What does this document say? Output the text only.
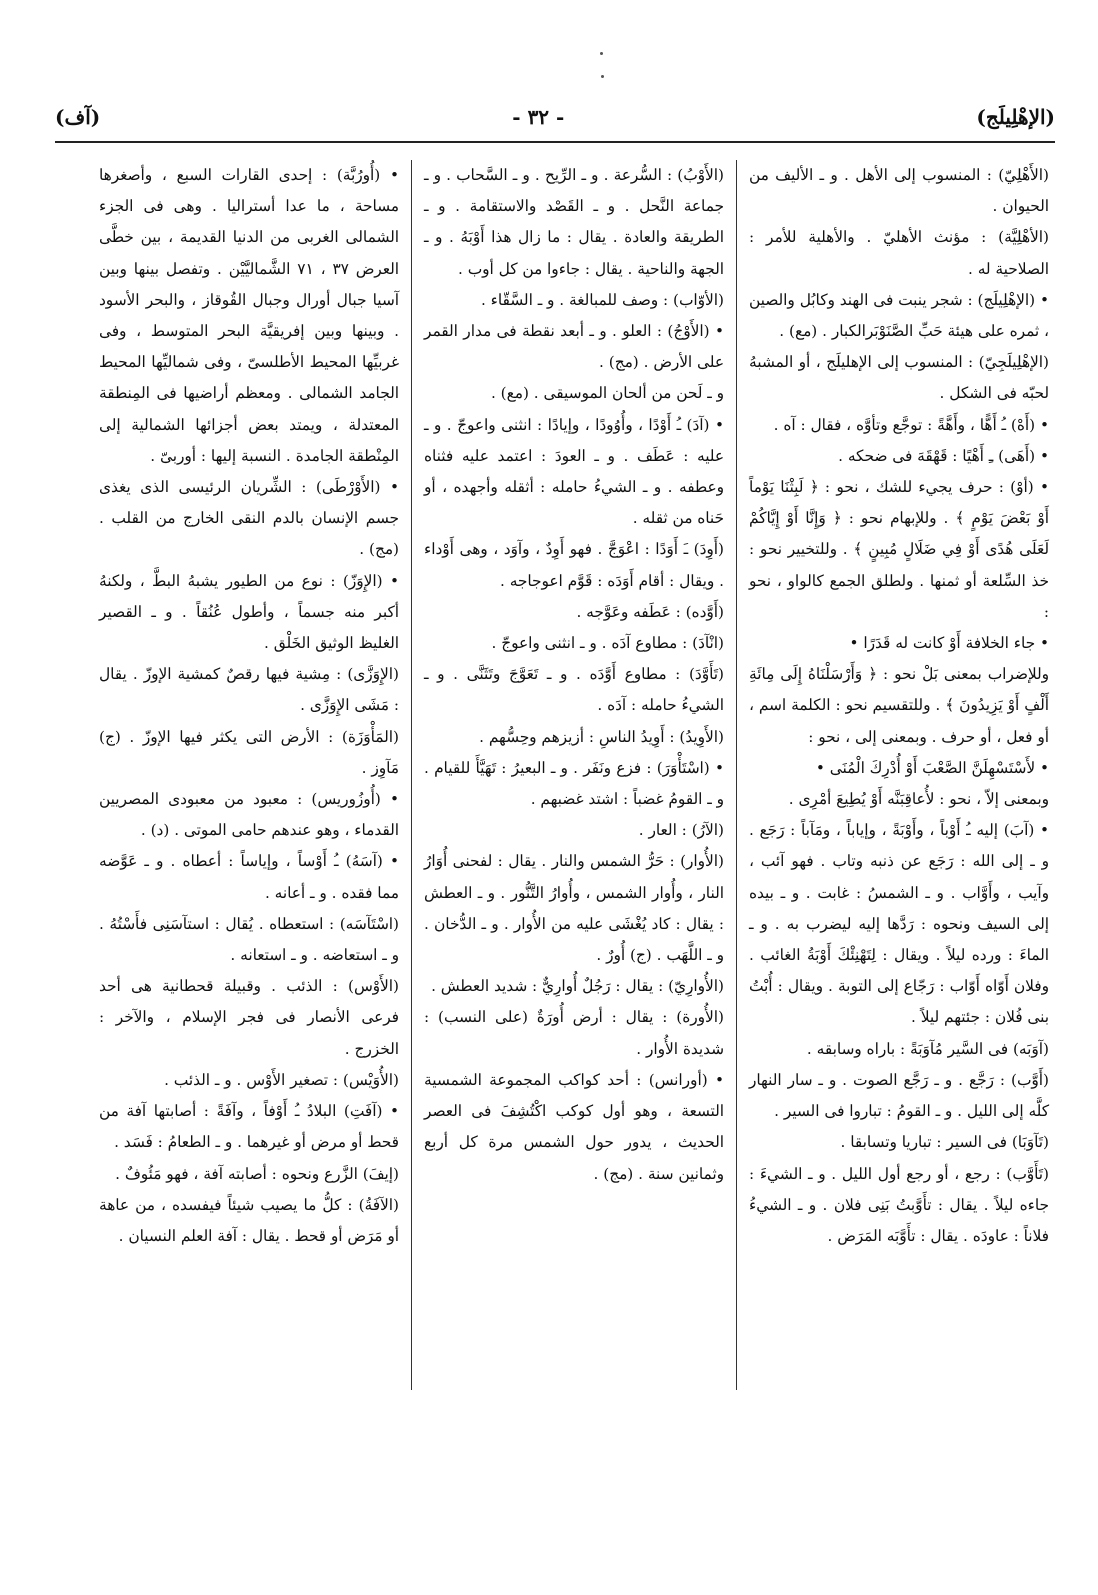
(الإهْلِيلَج)
- ٣٢ -
(آف)

(الأَهْلِيّ) : المنسوب إلى الأهل . و ـ الأليف من الحيوان .

(الأهْلِيَّة) : مؤنث الأهليّ . والأهلية للأمر : الصلاحية له .

• (الإهْلِيلَج) : شجر ينبت فى الهند وكابُل والصين ، ثمره على هيئة حَبِّ الصَّنَوْبَرالكبار . (مع) .

(الإهْلِيلَجِيّ) : المنسوب إلى الإهليلَج ، أو المشبهُ لحبّه فى الشكل .

• (أَهْ) ـُ أَهًّا ، وأَهَّةً : توجَّع وتأوَّه ، فقال : آه .

• (أَهَى) ـِ أَهْيًا : قَهْقَهَ فى ضحكه .

• (أوْ) : حرف يجيء للشك ، نحو : ﴿ لَبِثْنَا يَوْماً أَوْ بَعْضَ يَوْمٍ ﴾ . وللإبهام نحو : ﴿ وَإِنَّا أَوْ إِيَّاكُمْ لَعَلَى هُدًى أَوْ فِي ضَلَالٍ مُبِينٍ ﴾ . وللتخيير نحو : خذ السِّلعة أو ثمنها . ولطلق الجمع كالواو ، نحو :

• جاء الخلافة أَوْ كانت له قَدَرًا •

وللإضراب بمعنى بَلْ نحو : ﴿ وَأَرْسَلْنَاهُ إِلَى مِائَةِ أَلْفٍ أَوْ يَزِيدُونَ ﴾ . وللتقسيم نحو : الكلمة اسم ، أو فعل ، أو حرف . وبمعنى إلى ، نحو :

• لأَسْتَسْهِلَنَّ الصَّعْبَ أَوْ أُدْرِكَ الْمُنَى •

وبمعنى إلاّ ، نحو : لأُعاقِبَنَّه أَوْ يُطِيعَ أمْرِى .

• (آبَ) إليه ـُ أَوْباً ، وأَوْبَةً ، وإياباً ، ومَآباً : رَجَع . و ـ إلى الله : رَجَع عن ذنبه وتاب . فهو آئب ، وآيب ، وأَوَّاب . و ـ الشمسُ : غابت . و ـ بيده إلى السيف ونحوه : رَدَّها إليه ليضرب به . و ـ الماءَ : ورده ليلاً . ويقال : لِتَهْنِئْكَ أَوْبَةُ الغائب . وفلان أَوّاه أَوّاب : رَجّاع إلى التوبة . ويقال : أُبْتُ بنى فُلان : جئتهم ليلاً .

(آوَبَه) فى السَّير مُآوَبَةً : باراه وسابقه .

(أَوَّب) : رَجَّع . و ـ رَجَّع الصوت . و ـ سار النهار كلَّه إلى الليل . و ـ القومُ : تباروا فى السير .

(تَآوَبَا) فى السير : تباريا وتسابقا .

(تَأَوَّب) : رجع ، أو رجع أول الليل . و ـ الشيءَ : جاءه ليلاً . يقال : تأَوَّبتُ بَنِى فلان . و ـ الشيءُ فلاناً : عاودَه . يقال : تأَوَّبَه المَرَض .

(الأَوْبُ) : السُّرعة . و ـ الرِّيح . و ـ السَّحاب . و ـ جماعة النَّحل . و ـ القَصْد والاستقامة . و ـ الطريقة والعادة . يقال : ما زال هذا أَوْبَهُ . و ـ الجهة والناحية . يقال : جاءوا من كل أوب .

(الأوّاب) : وصف للمبالغة . و ـ السَّقّاء .

• (الأَوْجُ) : العلو . و ـ أبعد نقطة فى مدار القمر على الأرض . (مج) .

و ـ لَحن من ألحان الموسيقى . (مع) .

• (آدَ) ـُ أَوْدًا ، وأُوُودًا ، وإيادًا : انثنى واعوجّ . و ـ عليه : عَطَف . و ـ العودَ : اعتمد عليه فثناه وعطفه . و ـ الشيءُ حامله : أثقله وأجهده ، أو حَناه من ثقله .

(أَوِدَ) ـَ أَوَدًا : اعْوَجَّ . فهو أَوِدٌ ، وآوَد ، وهى أَوْداء . ويقال : أقام أَوَدَه : قَوَّم اعوجاجه .

(أَوَّده) : عَطَفه وعَوَّجه .

(انْآدَ) : مطاوع آدَه . و ـ انثنى واعوجّ .

(تَأَوَّدَ) : مطاوع أَوَّدَه . و ـ تَعَوَّجَ وتَثَنَّى . و ـ الشيءُ حامله : آدَه .

(الأَوِيدُ) : أَوِيدُ الناسِ : أزيزهم وحِسُّهم .

• (اسْتَأْوَرَ) : فزع ونَفَر . و ـ البعيرُ : تَهَيَّأَ للقيام . و ـ القومُ غضباً : اشتد غضبهم .

(الآرُ) : العار .

(الأُوار) : حَرُّ الشمس والنار . يقال : لفحنى أُوَارُ النار ، وأُوار الشمس ، وأُوارُ التَّنُّور . و ـ العطش : يقال : كاد يُغْشَى عليه من الأُوار . و ـ الدُّخان . و ـ اللَّهَب . (ج) أُورٌ .

(الأُوارِيّ) : يقال : رَجُلٌ أُوارِيٌّ : شديد العطش .

(الأُورة) : يقال : أرض أُورَةٌ (على النسب) : شديدة الأُوار .

• (أورانس) : أحد كواكب المجموعة الشمسية التسعة ، وهو أول كوكب اكْتُشِفَ فى العصر الحديث ، يدور حول الشمس مرة كل أربع وثمانين سنة . (مج) .

• (أُورُبَّة) : إحدى القارات السبع ، وأصغرها مساحة ، ما عدا أستراليا . وهى فى الجزء الشمالى الغربى من الدنيا القديمة ، بين خطَّى العرض ٣٧ ، ٧١ الشَّماليَّيْن . وتفصل بينها وبين آسيا جبال أورال وجبال القُوقاز ، والبحر الأسود . وبينها وبين إفريقيَّة البحر المتوسط ، وفى غربيِّها المحيط الأطلسىّ ، وفى شماليِّها المحيط الجامد الشمالى . ومعظم أراضيها فى المِنطقة المعتدلة ، ويمتد بعض أجزائها الشمالية إلى المِنْطقة الجامدة . النسبة إليها : أوربىّ .

• (الأَوْرْطَى) : الشِّريان الرئيسى الذى يغذى جسم الإنسان بالدم النقى الخارج من القلب . (مج) .

• (الإِوَزّ) : نوع من الطيور يشبهُ البطَّ ، ولكنهُ أكبر منه جسماً ، وأطول عُنُقاً . و ـ القصير الغليظ الوثيق الخَلْق .

(الإِوَزَّى) : مِشية فيها رقصٌ كمشية الإوزّ . يقال : مَشَى الإِوَزَّى .

(المَأْوَزَة) : الأرض التى يكثر فيها الإوزّ . (ج) مَآوِز .

• (أُوزُوريس) : معبود من معبودى المصريين القدماء ، وهو عندهم حامى الموتى . (د) .

• (آسَهُ) ـُ أَوْساً ، وإياساً : أعطاه . و ـ عَوَّضه مما فقده . و ـ أعانه .

(اسْتَآسَه) : استعطاه . يُقال : استآسَنِى فأَسْتُهُ . و ـ استعاضه . و ـ استعانه .

(الأَوْس) : الذئب . وقبيلة قحطانية هى أحد فرعى الأنصار فى فجر الإسلام ، والآخر : الخزرج .

(الأُوَيْس) : تصغير الأَوْس . و ـ الذئب .

• (آفَتِ) البلادُ ـُ أَوْفاً ، وآفَةً : أصابتها آفة من قحط أو مرض أو غيرهما . و ـ الطعامُ : فَسَد .

(إيفَ) الزَّرع ونحوه : أصابته آفة ، فهو مَئُوفٌ .

(الآفَةُ) : كلُّ ما يصيب شيئاً فيفسده ، من عاهة أو مَرَض أو قحط . يقال : آفة العلم النسيان .
